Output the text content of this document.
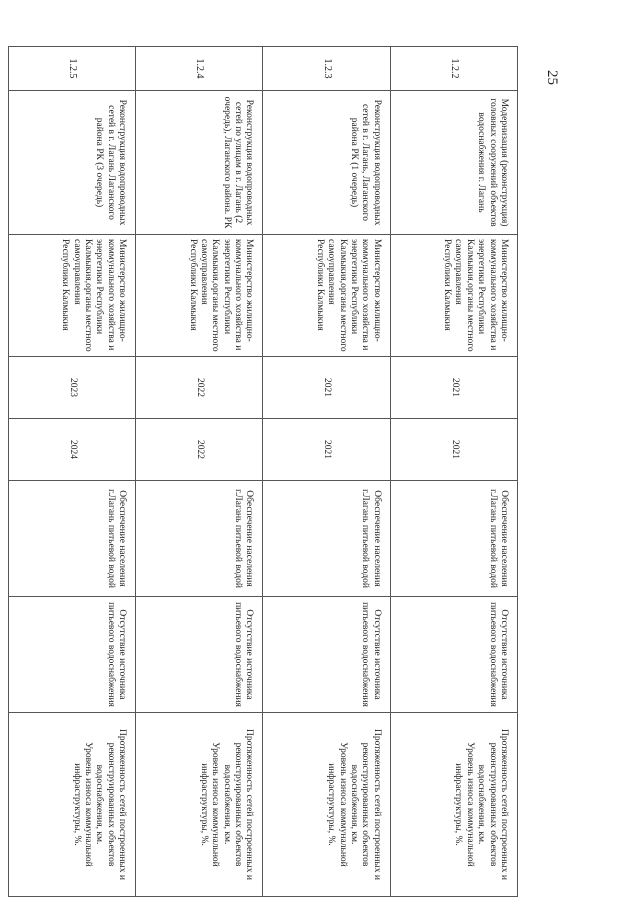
1.2.2	Модернизация (реконструкция) головных сооружений объектов водоснабжения г. Лагань	Министерство жилищно-коммунального хозяйства и энергетики Республики Калмыкия,органы местного самоуправления Республики Калмыкия	2021	2021	Обеспечение населения г.Лагань питьевой водой	Отсутствие источника питьевого водоснабжения	Протяженность сетей построенных и реконструированных объектов водоснабжения, км.
Уровень износа коммунальной инфраструктуры, %.

1.2.3	Реконструкция водопроводных сетей в г. Лагань, Лаганского района РК (1 очередь)	Министерство жилищно-коммунального хозяйства и энергетики Республики Калмыкия,органы местного самоуправления Республики Калмыкия	2021	2021	Обеспечение населения г.Лагань питьевой водой	Отсутствие источника питьевого водоснабжения	Протяженность сетей построенных и реконструированных объектов водоснабжения, км.
Уровень износа коммунальной инфраструктуры, %.

1.2.4	Реконструкция водопроводных сетей по улицам в г. Лагань (2 очередь), Лаганского района. РК	Министерство жилищно-коммунального хозяйства и энергетики Республики Калмыкия,органы местного самоуправления Республики Калмыкия	2022	2022	Обеспечение населения г.Лагань питьевой водой	Отсутствие источника питьевого водоснабжения	Протяженность сетей построенных и реконструированных объектов водоснабжения, км.
Уровень износа коммунальной инфраструктуры, %.

1.2.5	Реконструкция водопроводных сетей в г. Лагань Лаганского района РК (3 очередь)	Министерство жилищно-коммунального хозяйства и энергетики Республики Калмыкия,органы местного самоуправления Республики Калмыкия	2023	2024	Обеспечение населения г.Лагань питьевой водой	Отсутствие источника питьевого водоснабжения	Протяженность сетей построенных и реконструированных объектов водоснабжения, км.
Уровень износа коммунальной инфраструктуры, %.
25
